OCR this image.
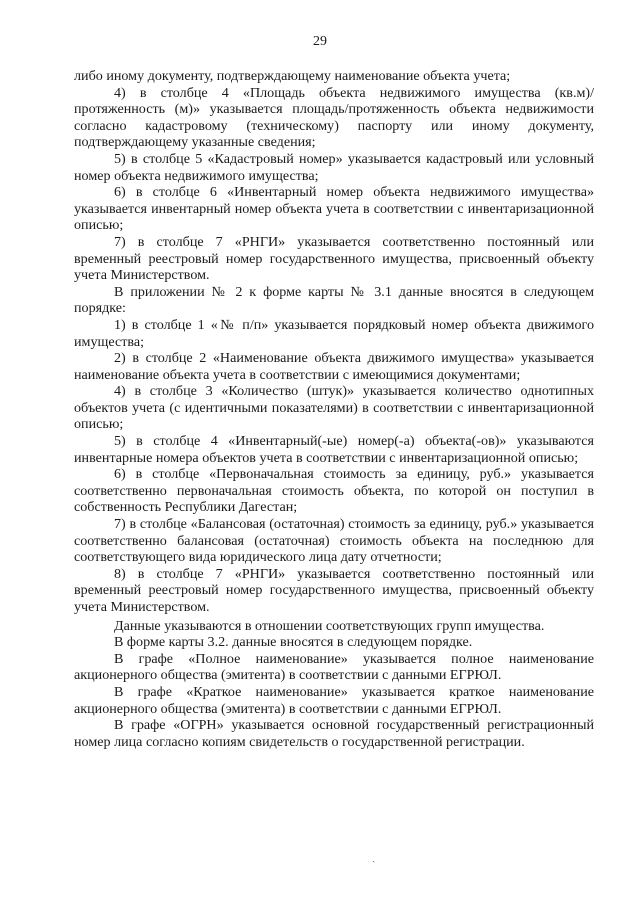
29

либо иному документу, подтверждающему наименование объекта учета;

4) в столбце 4 «Площадь объекта недвижимого имущества (кв.м)/ протяженность (м)» указывается площадь/протяженность объекта недвижимости согласно кадастровому (техническому) паспорту или иному документу, подтверждающему указанные сведения;

5) в столбце 5 «Кадастровый номер» указывается кадастровый или условный номер объекта недвижимого имущества;

6) в столбце 6 «Инвентарный номер объекта недвижимого имущества» указывается инвентарный номер объекта учета в соответствии с инвентаризационной описью;

7) в столбце 7 «РНГИ» указывается соответственно постоянный или временный реестровый номер государственного имущества, присвоенный объекту учета Министерством.

В приложении № 2 к форме карты № 3.1 данные вносятся в следующем порядке:

1) в столбце 1 «№ п/п» указывается порядковый номер объекта движимого имущества;

2) в столбце 2 «Наименование объекта движимого имущества» указывается наименование объекта учета в соответствии с имеющимися документами;

4) в столбце 3 «Количество (штук)» указывается количество однотипных объектов учета (с идентичными показателями) в соответствии с инвентаризационной описью;

5) в столбце 4 «Инвентарный(-ые) номер(-а) объекта(-ов)» указываются инвентарные номера объектов учета в соответствии с инвентаризационной описью;

6) в столбце «Первоначальная стоимость за единицу, руб.» указывается соответственно первоначальная стоимость объекта, по которой он поступил в собственность Республики Дагестан;

7) в столбце «Балансовая (остаточная) стоимость за единицу, руб.» указывается соответственно балансовая (остаточная) стоимость объекта на последнюю для соответствующего вида юридического лица дату отчетности;

8) в столбце 7 «РНГИ» указывается соответственно постоянный или временный реестровый номер государственного имущества, присвоенный объекту учета Министерством.

Данные указываются в отношении соответствующих групп имущества.

В форме карты 3.2. данные вносятся в следующем порядке.

В графе «Полное наименование» указывается полное наименование акционерного общества (эмитента) в соответствии с данными ЕГРЮЛ.

В графе «Краткое наименование» указывается краткое наименование акционерного общества (эмитента) в соответствии с данными ЕГРЮЛ.

В графе «ОГРН» указывается основной государственный регистрационный номер лица согласно копиям свидетельств о государственной регистрации.

ˏ
